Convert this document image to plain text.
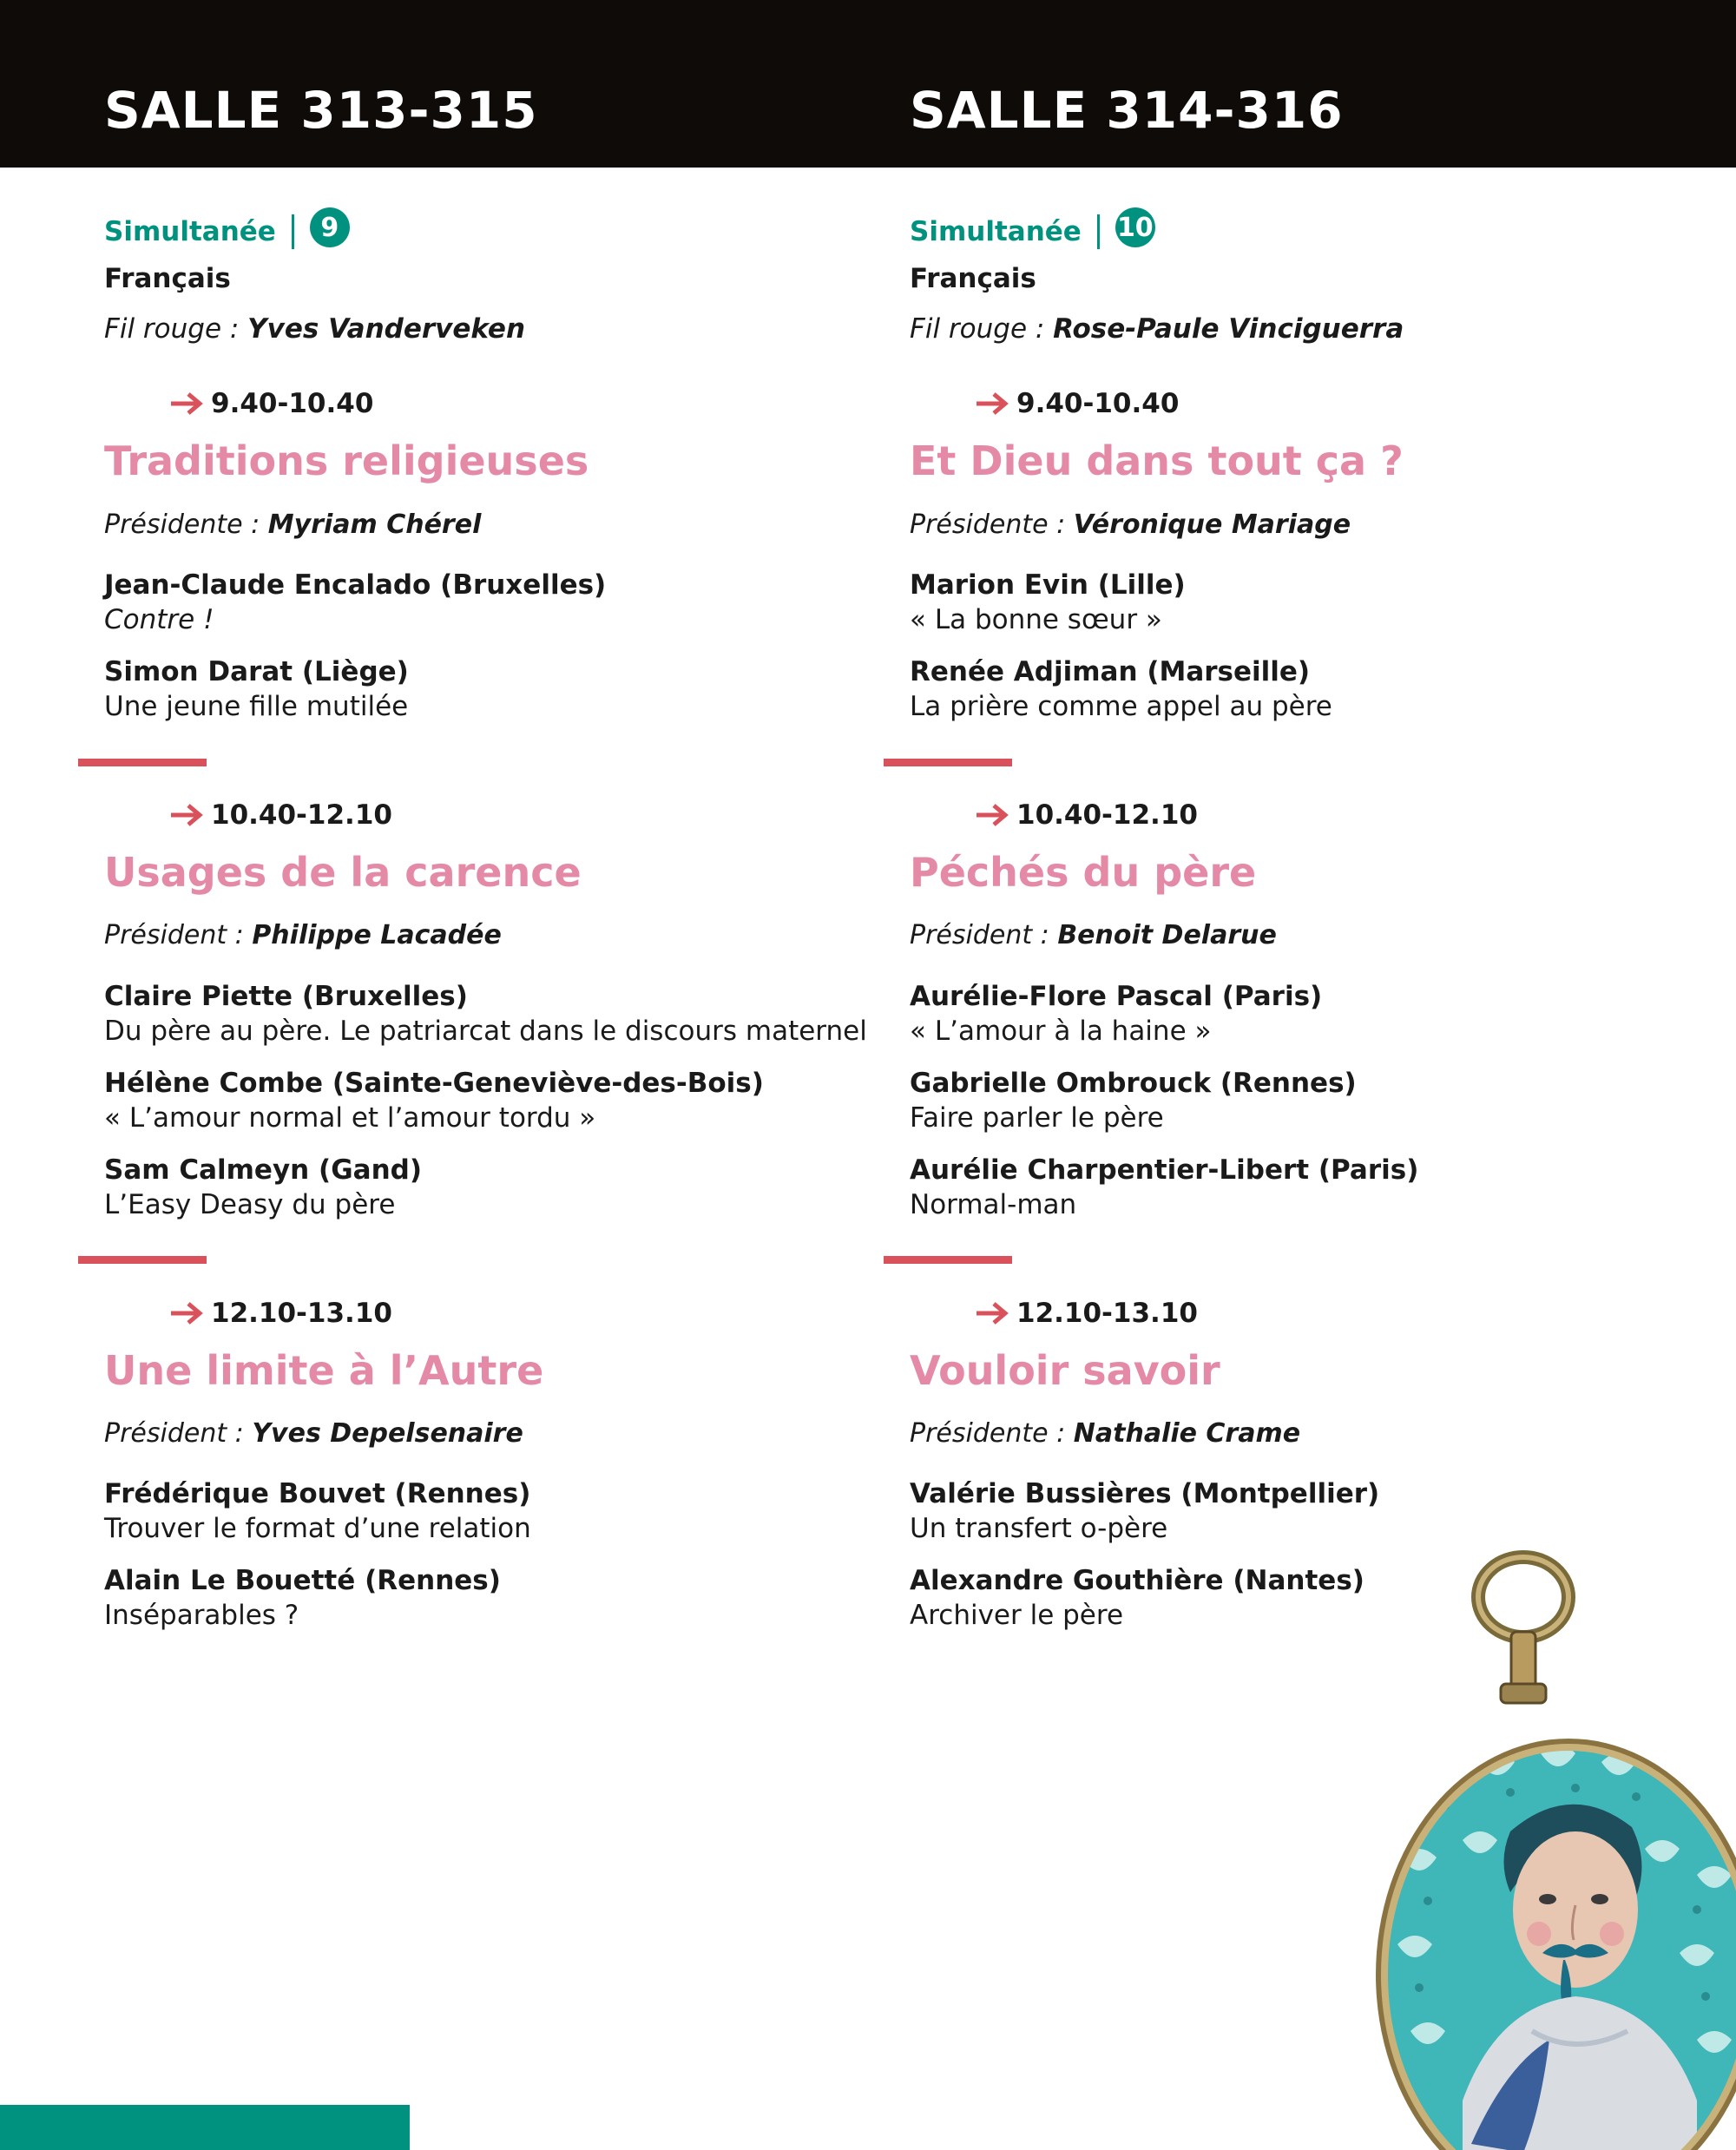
SALLE 313-315	SALLE 314-316
Simultanée	9
Français
Fil rouge : Yves Vanderveken
9.40-10.40
Traditions religieuses
Présidente : Myriam Chérel
Jean-Claude Encalado (Bruxelles)
Contre !
Simon Darat (Liège)
Une jeune fille mutilée
10.40-12.10
Usages de la carence
Président : Philippe Lacadée
Claire Piette (Bruxelles)
Du père au père. Le patriarcat dans le discours maternel
Hélène Combe (Sainte-Geneviève-des-Bois)
« L’amour normal et l’amour tordu »
Sam Calmeyn (Gand)
L’Easy Deasy du père
12.10-13.10
Une limite à l’Autre
Président : Yves Depelsenaire
Frédérique Bouvet (Rennes)
Trouver le format d’une relation
Alain Le Bouetté (Rennes)
Inséparables ?
Simultanée 10
Français
Fil rouge : Rose-Paule Vinciguerra
9.40-10.40
Et Dieu dans tout ça ?
Présidente : Véronique Mariage
Marion Evin (Lille)
« La bonne sœur »
Renée Adjiman (Marseille)
La prière comme appel au père
10.40-12.10
Péchés du père
Président : Benoit Delarue
Aurélie-Flore Pascal (Paris)
« L’amour à la haine »
Gabrielle Ombrouck (Rennes)
Faire parler le père
Aurélie Charpentier-Libert (Paris)
Normal-man
12.10-13.10
Vouloir savoir
Présidente : Nathalie Crame
Valérie Bussières (Montpellier)
Un transfert o-père
Alexandre Gouthière (Nantes)
Archiver le père
